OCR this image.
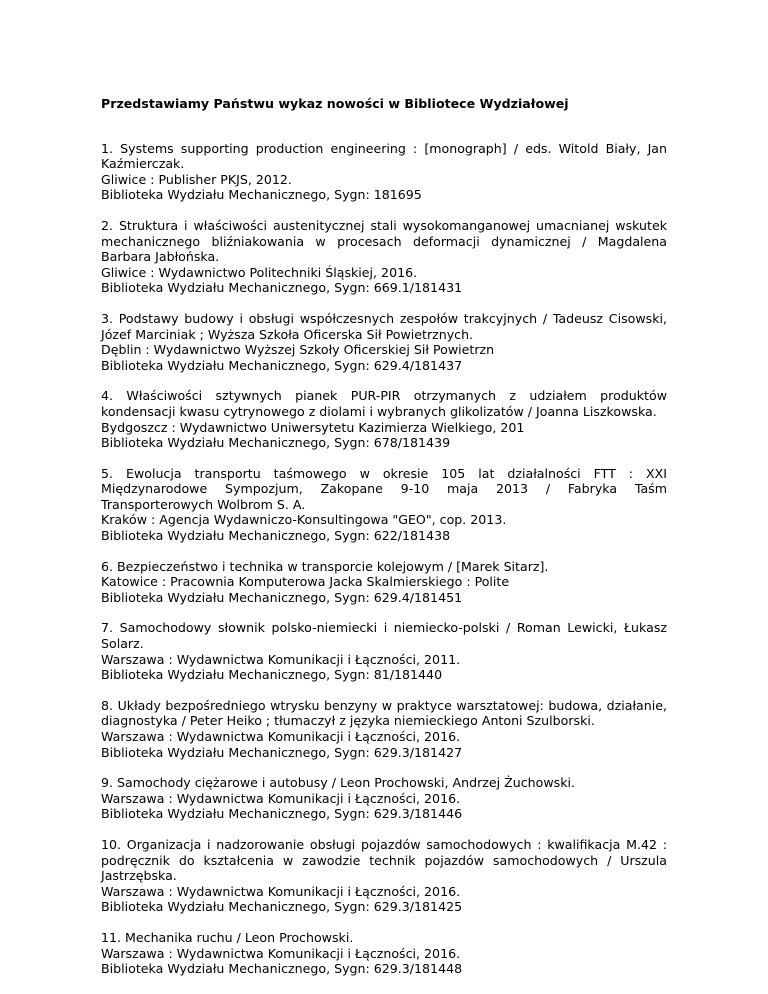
Przedstawiamy Państwu wykaz nowości w Bibliotece Wydziałowej

1. Systems supporting production engineering : [monograph] / eds. Witold Biały, Jan Kaźmierczak.

Gliwice : Publisher PKJS, 2012.

Biblioteka Wydziału Mechanicznego, Sygn: 181695

2. Struktura i właściwości austenitycznej stali wysokomanganowej umacnianej wskutek mechanicznego bliźniakowania w procesach deformacji dynamicznej / Magdalena Barbara Jabłońska.

Gliwice : Wydawnictwo Politechniki Śląskiej, 2016.

Biblioteka Wydziału Mechanicznego, Sygn: 669.1/181431

3. Podstawy budowy i obsługi współczesnych zespołów trakcyjnych / Tadeusz Cisowski, Józef Marciniak ; Wyższa Szkoła Oficerska Sił Powietrznych.

Dęblin : Wydawnictwo Wyższej Szkoły Oficerskiej Sił Powietrzn

Biblioteka Wydziału Mechanicznego, Sygn: 629.4/181437

4. Właściwości sztywnych pianek PUR-PIR otrzymanych z udziałem produktów kondensacji kwasu cytrynowego z diolami i wybranych glikolizatów / Joanna Liszkowska.

Bydgoszcz : Wydawnictwo Uniwersytetu Kazimierza Wielkiego, 201

Biblioteka Wydziału Mechanicznego, Sygn: 678/181439

5. Ewolucja transportu taśmowego w okresie 105 lat działalności FTT : XXI Międzynarodowe Sympozjum, Zakopane 9-10 maja 2013 / Fabryka Taśm Transporterowych Wolbrom S. A.

Kraków : Agencja Wydawniczo-Konsultingowa "GEO", cop. 2013.

Biblioteka Wydziału Mechanicznego, Sygn: 622/181438

6. Bezpieczeństwo i technika w transporcie kolejowym / [Marek Sitarz].

Katowice : Pracownia Komputerowa Jacka Skalmierskiego : Polite

Biblioteka Wydziału Mechanicznego, Sygn: 629.4/181451

7. Samochodowy słownik polsko-niemiecki i niemiecko-polski / Roman Lewicki, Łukasz Solarz.

Warszawa : Wydawnictwa Komunikacji i Łączności, 2011.

Biblioteka Wydziału Mechanicznego, Sygn: 81/181440

8. Układy bezpośredniego wtrysku benzyny w praktyce warsztatowej: budowa, działanie, diagnostyka / Peter Heiko ; tłumaczył z języka niemieckiego Antoni Szulborski.

Warszawa : Wydawnictwa Komunikacji i Łączności, 2016.

Biblioteka Wydziału Mechanicznego, Sygn: 629.3/181427

9. Samochody ciężarowe i autobusy / Leon Prochowski, Andrzej Żuchowski.

Warszawa : Wydawnictwa Komunikacji i Łączności, 2016.

Biblioteka Wydziału Mechanicznego, Sygn: 629.3/181446

10. Organizacja i nadzorowanie obsługi pojazdów samochodowych : kwalifikacja M.42 : podręcznik do kształcenia w zawodzie technik pojazdów samochodowych / Urszula Jastrzębska.

Warszawa : Wydawnictwa Komunikacji i Łączności, 2016.

Biblioteka Wydziału Mechanicznego, Sygn: 629.3/181425

11. Mechanika ruchu / Leon Prochowski.

Warszawa : Wydawnictwa Komunikacji i Łączności, 2016.

Biblioteka Wydziału Mechanicznego, Sygn: 629.3/181448
